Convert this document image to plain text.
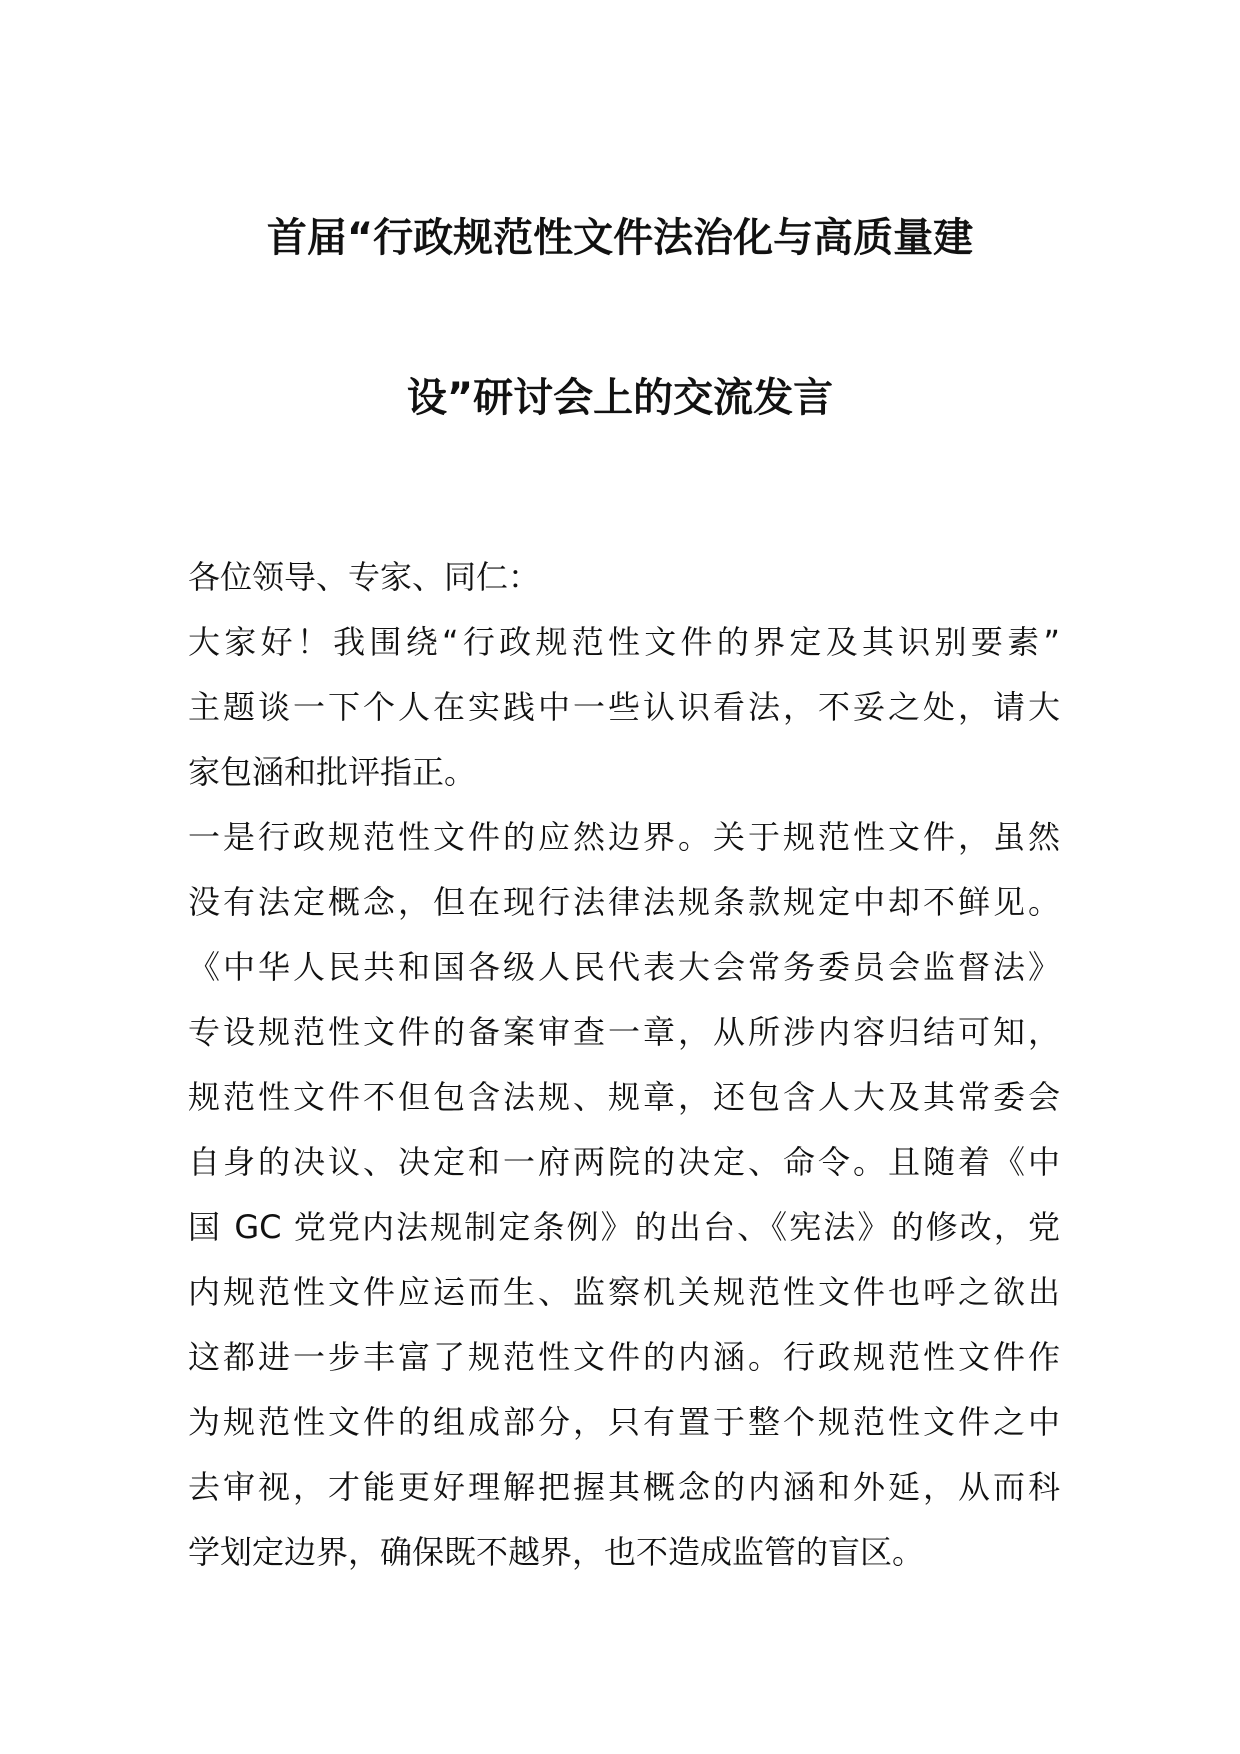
首届“行政规范性文件法治化与高质量建
设”研讨会上的交流发言
各位领导、专家、同仁：
大家好！我围绕“行政规范性文件的界定及其识别要素”
主题谈一下个人在实践中一些认识看法，不妥之处，请大
家包涵和批评指正。
一是行政规范性文件的应然边界。关于规范性文件，虽然
没有法定概念，但在现行法律法规条款规定中却不鲜见。
《中华人民共和国各级人民代表大会常务委员会监督法》
专设规范性文件的备案审查一章，从所涉内容归结可知，
规范性文件不但包含法规、规章，还包含人大及其常委会
自身的决议、决定和一府两院的决定、命令。且随着《中
国 GC 党党内法规制定条例》的出台、《宪法》的修改，党
内规范性文件应运而生、监察机关规范性文件也呼之欲出
这都进一步丰富了规范性文件的内涵。行政规范性文件作
为规范性文件的组成部分，只有置于整个规范性文件之中
去审视，才能更好理解把握其概念的内涵和外延，从而科
学划定边界，确保既不越界，也不造成监管的盲区。
